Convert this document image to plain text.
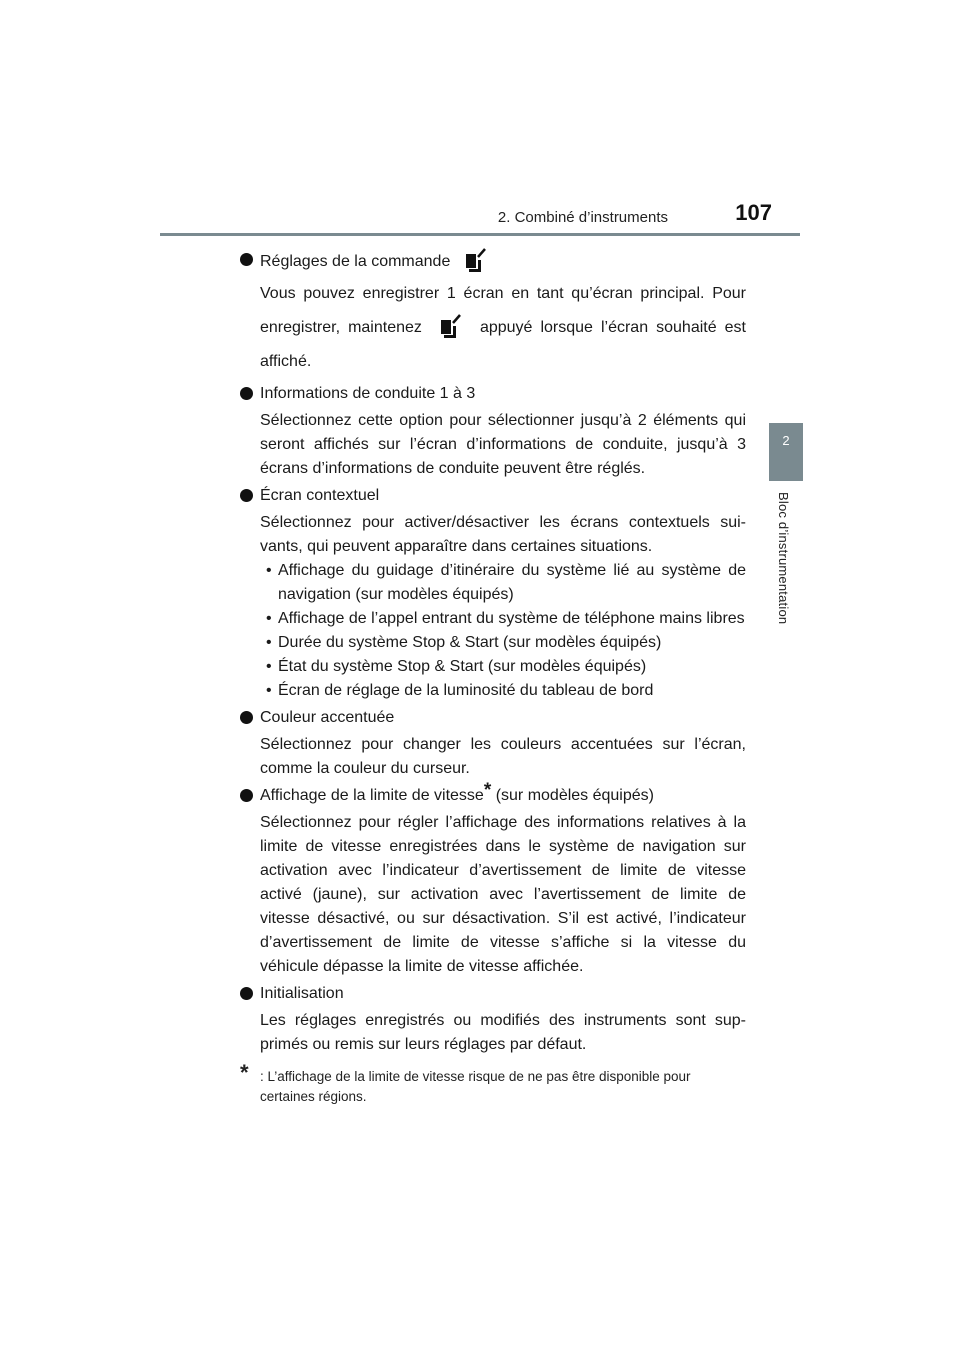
2. Combiné d’instruments	107
2
Bloc d’instrumentation
Réglages de la commande
Vous pouvez enregistrer 1 écran en tant qu’écran principal. Pour enregistrer, maintenez	appuyé lorsque l’écran souhaité est affiché.
Informations de conduite 1 à 3
Sélectionnez cette option pour sélectionner jusqu’à 2 éléments qui seront affichés sur l’écran d’informations de conduite, jusqu’à 3 écrans d’informations de conduite peuvent être réglés.
Écran contextuel
Sélectionnez pour activer/désactiver les écrans contextuels sui-vants, qui peuvent apparaître dans certaines situations.
• Affichage du guidage d’itinéraire du système lié au système de navigation (sur modèles équipés)
• Affichage de l’appel entrant du système de téléphone mains libres
• Durée du système Stop & Start (sur modèles équipés)
• État du système Stop & Start (sur modèles équipés)
• Écran de réglage de la luminosité du tableau de bord
Couleur accentuée
Sélectionnez pour changer les couleurs accentuées sur l’écran, comme la couleur du curseur.
Affichage de la limite de vitesse* (sur modèles équipés)
Sélectionnez pour régler l’affichage des informations relatives à la limite de vitesse enregistrées dans le système de navigation sur activation avec l’indicateur d’avertissement de limite de vitesse activé (jaune), sur activation avec l’avertissement de limite de vitesse désactivé, ou sur désactivation. S’il est activé, l’indicateur d’avertissement de limite de vitesse s’affiche si la vitesse du véhicule dépasse la limite de vitesse affichée.
Initialisation
Les réglages enregistrés ou modifiés des instruments sont sup-primés ou remis sur leurs réglages par défaut.
* : L’affichage de la limite de vitesse risque de ne pas être disponible pour certaines régions.
